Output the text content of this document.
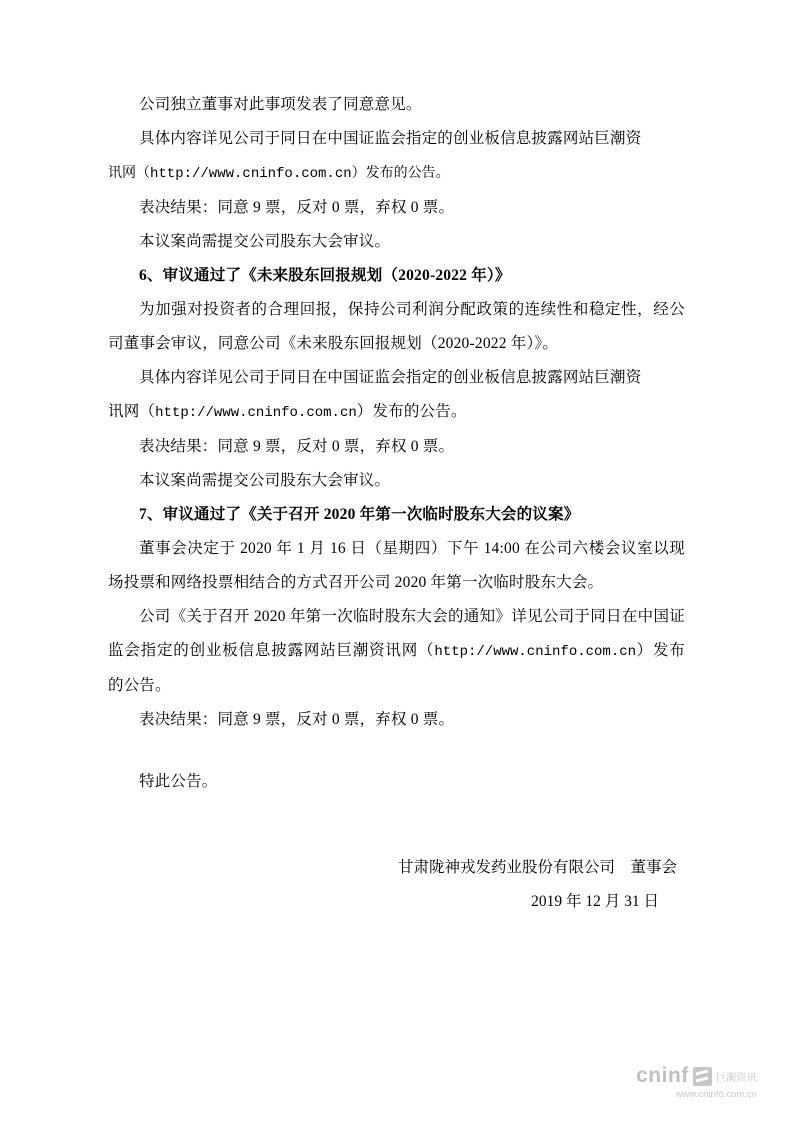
公司独立董事对此事项发表了同意意见。

具体内容详见公司于同日在中国证监会指定的创业板信息披露网站巨潮资

讯网（http://www.cninfo.com.cn）发布的公告。

表决结果：同意 9 票，反对 0 票，弃权 0 票。

本议案尚需提交公司股东大会审议。

6、审议通过了《未来股东回报规划（2020-2022 年）》

为加强对投资者的合理回报，保持公司利润分配政策的连续性和稳定性，经公司董事会审议，同意公司《未来股东回报规划（2020-2022 年）》。

具体内容详见公司于同日在中国证监会指定的创业板信息披露网站巨潮资

讯网（http://www.cninfo.com.cn）发布的公告。

表决结果：同意 9 票，反对 0 票，弃权 0 票。

本议案尚需提交公司股东大会审议。

7、审议通过了《关于召开 2020 年第一次临时股东大会的议案》

董事会决定于 2020 年 1 月 16 日（星期四）下午 14:00 在公司六楼会议室以现场投票和网络投票相结合的方式召开公司 2020 年第一次临时股东大会。

公司《关于召开 2020 年第一次临时股东大会的通知》详见公司于同日在中国证监会指定的创业板信息披露网站巨潮资讯网（http://www.cninfo.com.cn）发布的公告。

表决结果：同意 9 票，反对 0 票，弃权 0 票。

特此公告。

甘肃陇神戎发药业股份有限公司　董事会
2019 年 12 月 31 日
cninf	巨潮资讯
www.cninfo.com.cn
